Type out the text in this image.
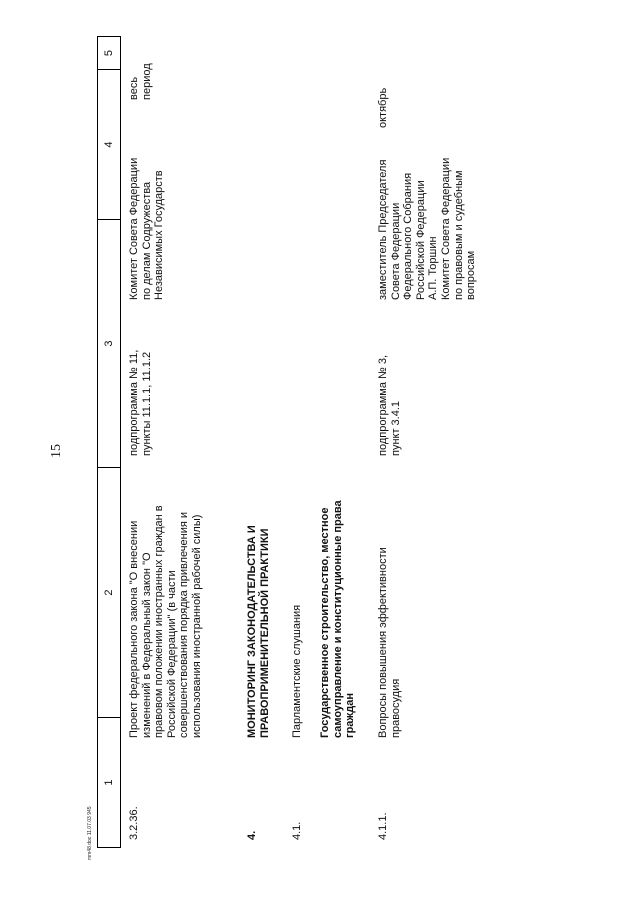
15
1
2
3
4
5
3.2.36.
Проект федерального закона "О внесении изменений в Федеральный закон "О правовом положении иностранных граждан в Российской Федерации" (в части совершенствования порядка привлечения и использования иностранной рабочей силы)
подпрограмма № 11, пункты 11.1.1, 11.1.2
Комитет Совета Федерации по делам Содружества Независимых Государств
весь период
4.
МОНИТОРИНГ ЗАКОНОДАТЕЛЬСТВА И ПРАВОПРИМЕНИТЕЛЬНОЙ ПРАКТИКИ
4.1.
Парламентские слушания Государственное строительство, местное самоуправление и конституционные права граждан
4.1.1.
Вопросы повышения эффективности правосудия
подпрограмма № 3, пункт 3.4.1
заместитель Председателя Совета Федерации Федерального Собрания Российской Федерации А.П. Торшин Комитет Совета Федерации по правовым и судебным вопросам
октябрь
mm48.doc 11.07.03 945
